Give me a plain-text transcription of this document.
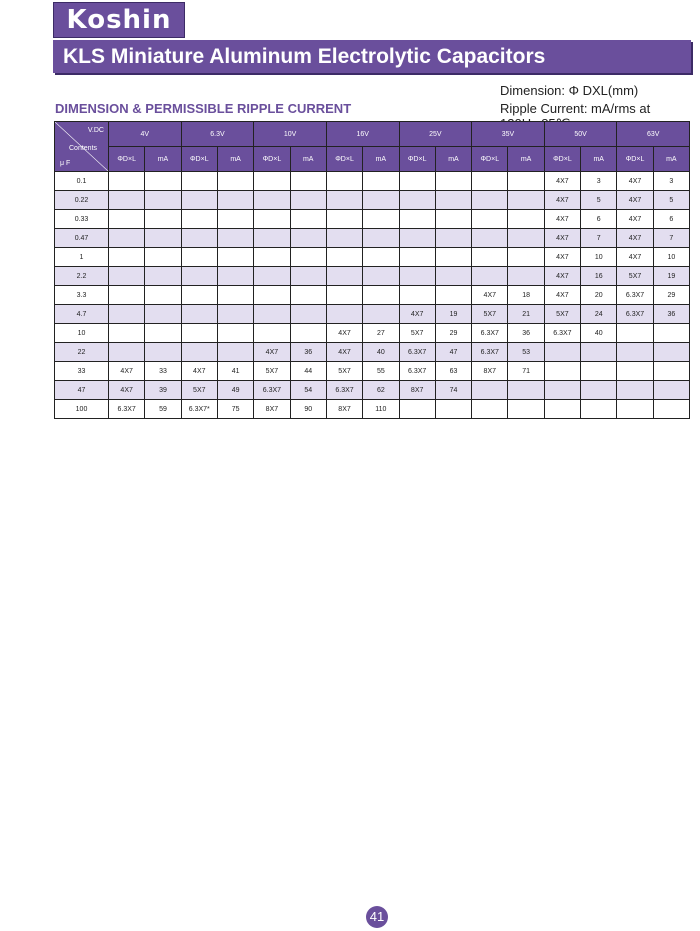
Koshin
KLS Miniature Aluminum Electrolytic Capacitors
Dimension: Φ DXL(mm)
DIMENSION & PERMISSIBLE RIPPLE CURRENT	Ripple Current: mA/rms at
V.DC
Contents
μ F	4V		6.3V		10V		16V		25V		35V		50V		63V	
	ΦD×L	mA	ΦD×L	mA	ΦD×L	mA	ΦD×L	mA	ΦD×L	mA	ΦD×L	mA	ΦD×L	mA	ΦD×L	mA
0.1													4X7	3	4X7	3
0.22													4X7	5	4X7	5
0.33													4X7	6	4X7	6
0.47													4X7	7	4X7	7
1													4X7	10	4X7	10
2.2													4X7	16	5X7	19
3.3											4X7	18	4X7	20	6.3X7	29
4.7									4X7	19	5X7	21	5X7	24	6.3X7	36
10							4X7	27	5X7	29	6.3X7	36	6.3X7	40		
22					4X7	36	4X7	40	6.3X7	47	6.3X7	53				
33	4X7	33	4X7	41	5X7	44	5X7	55	6.3X7	63	8X7	71				
47	4X7	39	5X7	49	6.3X7	54	6.3X7	62	8X7	74						
100	6.3X7	59	6.3X7*	75	8X7	90	8X7	110								
41
